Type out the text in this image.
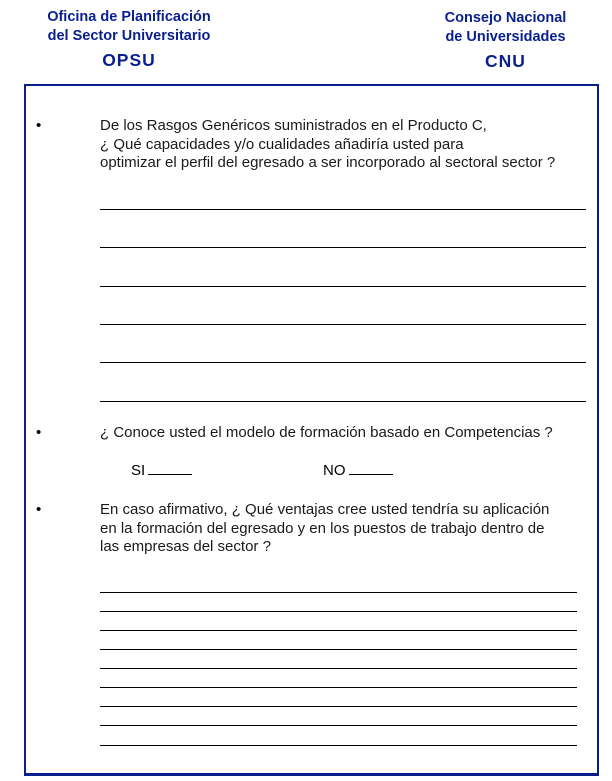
Oficina de Planificación
del Sector Universitario
OPSU
Consejo Nacional
de Universidades
CNU
•	De los Rasgos Genéricos suministrados en el Producto C,
¿ Qué capacidades y/o cualidades añadiría usted para
optimizar el perfil del egresado a ser incorporado al sectoral sector ?
•	¿ Conoce usted el modelo de formación basado en Competencias ?
SI	NO
•	En caso afirmativo, ¿ Qué ventajas cree usted tendría su aplicación
en la formación del egresado y en los puestos de trabajo dentro de
las empresas del sector ?
